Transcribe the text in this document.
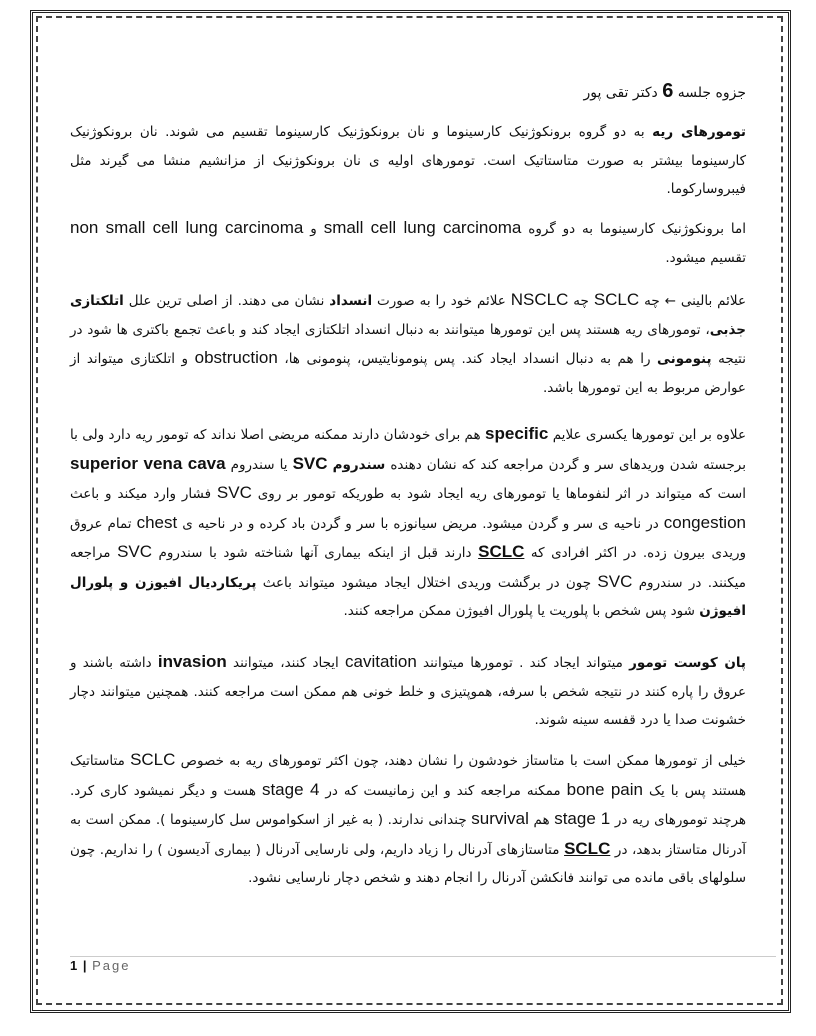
جزوه جلسه 6 دکتر تقی پور

تومورهای ریه به دو گروه برونکوژنیک کارسینوما و نان برونکوژنیک کارسینوما تقسیم می شوند. نان برونکوژنیک کارسینوما بیشتر به صورت متاستاتیک است. تومورهای اولیه ی نان برونکوژنیک از مزانشیم منشا می گیرند مثل فیبروسارکوما.

اما برونکوژنیک کارسینوما به دو گروه small cell lung carcinoma و non small cell lung carcinoma تقسیم میشود.

علائم بالینی ← چه SCLC چه NSCLC علائم خود را به صورت انسداد نشان می دهند. از اصلی ترین علل اتلکتازی جذبی، تومورهای ریه هستند پس این تومورها میتوانند به دنبال انسداد اتلکتازی ایجاد کند و باعث تجمع باکتری ها شود در نتیجه پنومونی را هم به دنبال انسداد ایجاد کند. پس پنومونایتیس، پنومونی ها، obstruction و اتلکتازی میتواند از عوارض مربوط به این تومورها باشد.

علاوه بر این تومورها یکسری علایم specific هم برای خودشان دارند ممکنه مریضی اصلا نداند که تومور ریه دارد ولی با برجسته شدن وریدهای سر و گردن مراجعه کند که نشان دهنده سندروم SVC یا سندروم superior vena cava است که میتواند در اثر لنفوماها یا تومورهای ریه ایجاد شود به طوریکه تومور بر روی SVC فشار وارد میکند و باعث congestion در ناحیه ی سر و گردن میشود. مریض سیانوزه با سر و گردن باد کرده و در ناحیه ی chest تمام عروق وریدی بیرون زده. در اکثر افرادی که SCLC دارند قبل از اینکه بیماری آنها شناخته شود با سندروم SVC مراجعه میکنند. در سندروم SVC چون در برگشت وریدی اختلال ایجاد میشود میتواند باعث پریکاردیال افیوزن و پلورال افیوژن شود پس شخص با پلوریت یا پلورال افیوژن ممکن مراجعه کنند.

پان کوست تومور میتواند ایجاد کند . تومورها میتوانند cavitation ایجاد کنند، میتوانند invasion داشته باشند و عروق را پاره کنند در نتیجه شخص با سرفه، هموپتیزی و خلط خونی هم ممکن است مراجعه کنند. همچنین میتوانند دچار خشونت صدا یا درد قفسه سینه شوند.

خیلی از تومورها ممکن است با متاستاز خودشون را نشان دهند، چون اکثر تومورهای ریه به خصوص SCLC متاستاتیک هستند پس با یک bone pain ممکنه مراجعه کند و این زمانیست که در stage 4 هست و دیگر نمیشود کاری کرد. هرچند تومورهای ریه در stage 1 هم survival چندانی ندارند. ( به غیر از اسکواموس سل کارسینوما ). ممکن است به آدرنال متاستاز بدهد، در SCLC متاستازهای آدرنال را زیاد داریم، ولی نارسایی آدرنال ( بیماری آدیسون ) را نداریم. چون سلولهای باقی مانده می توانند فانکشن آدرنال را انجام دهند و شخص دچار نارسایی نشود.

1 | Page
